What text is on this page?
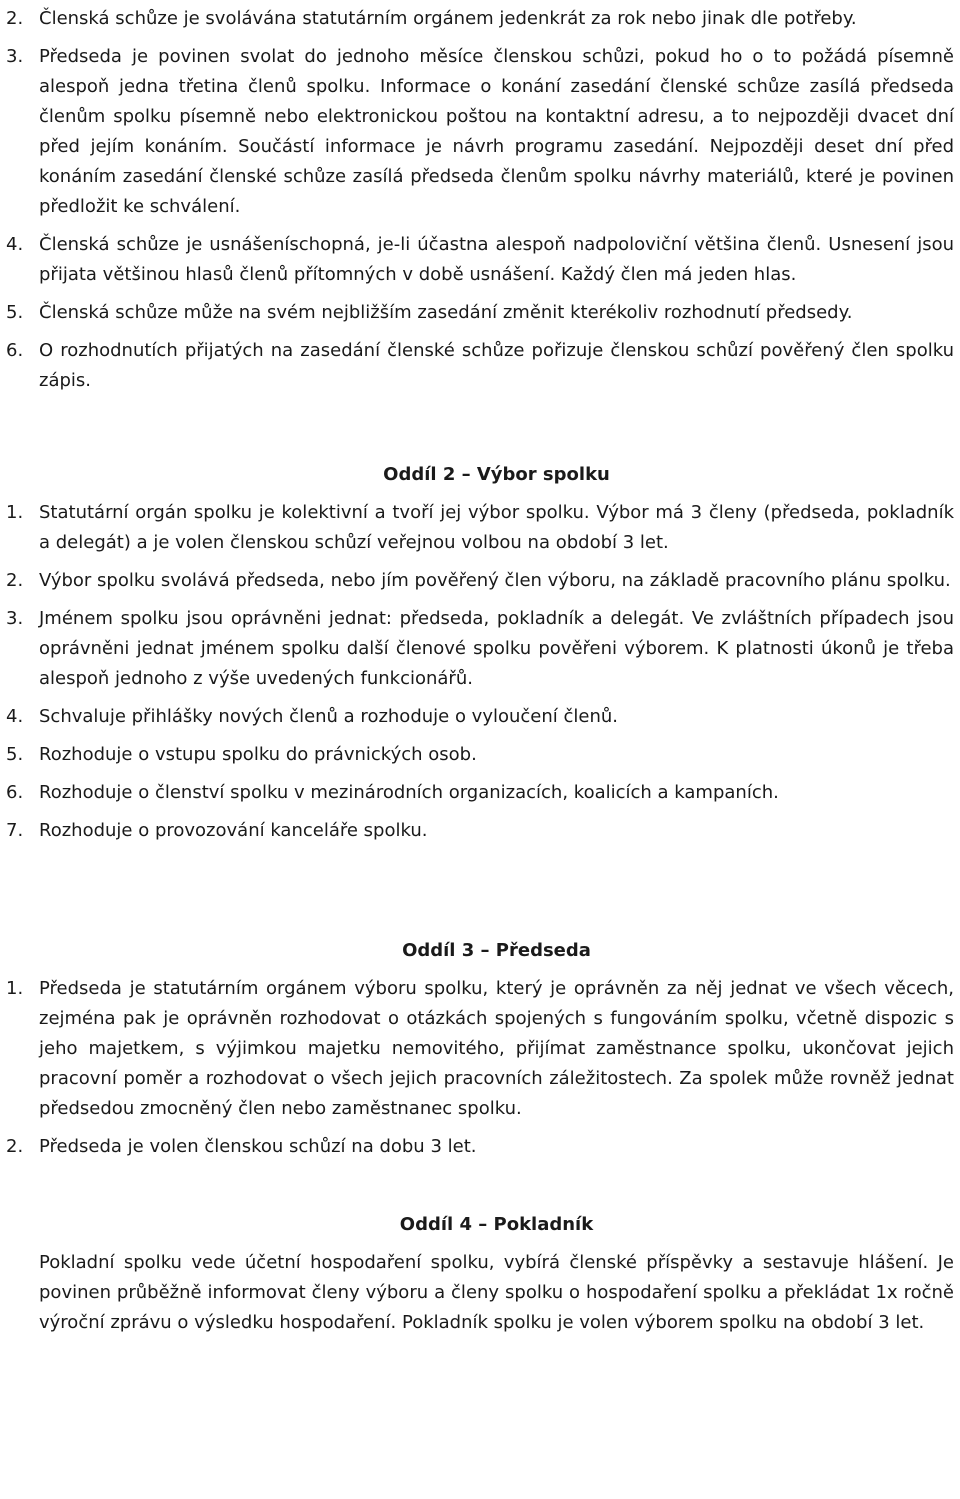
2. Členská schůze je svolávána statutárním orgánem jedenkrát za rok nebo jinak dle potřeby.
3. Předseda je povinen svolat do jednoho měsíce členskou schůzi, pokud ho o to požádá písemně alespoň jedna třetina členů spolku. Informace o konání zasedání členské schůze zasílá předseda členům spolku písemně nebo elektronickou poštou na kontaktní adresu, a to nejpozději dvacet dní před jejím konáním. Součástí informace je návrh programu zasedání. Nejpozději deset dní před konáním zasedání členské schůze zasílá předseda členům spolku návrhy materiálů, které je povinen předložit ke schválení.
4. Členská schůze je usnášeníschopná, je-li účastna alespoň nadpoloviční většina členů. Usnesení jsou přijata většinou hlasů členů přítomných v době usnášení. Každý člen má jeden hlas.
5. Členská schůze může na svém nejbližším zasedání změnit kterékoliv rozhodnutí předsedy.
6. O rozhodnutích přijatých na zasedání členské schůze pořizuje členskou schůzí pověřený člen spolku zápis.
Oddíl 2 – Výbor spolku
1. Statutární orgán spolku je kolektivní a tvoří jej výbor spolku. Výbor má 3 členy (předseda, pokladník a delegát) a je volen členskou schůzí veřejnou volbou na období 3 let.
2. Výbor spolku svolává předseda, nebo jím pověřený člen výboru, na základě pracovního plánu spolku.
3. Jménem spolku jsou oprávněni jednat: předseda, pokladník a delegát. Ve zvláštních případech jsou oprávněni jednat jménem spolku další členové spolku pověřeni výborem. K platnosti úkonů je třeba alespoň jednoho z výše uvedených funkcionářů.
4. Schvaluje přihlášky nových členů a rozhoduje o vyloučení členů.
5. Rozhoduje o vstupu spolku do právnických osob.
6. Rozhoduje o členství spolku v mezinárodních organizacích, koalicích a kampaních.
7. Rozhoduje o provozování kanceláře spolku.
Oddíl 3 – Předseda
1. Předseda je statutárním orgánem výboru spolku, který je oprávněn za něj jednat ve všech věcech, zejména pak je oprávněn rozhodovat o otázkách spojených s fungováním spolku, včetně dispozic s jeho majetkem, s výjimkou majetku nemovitého, přijímat zaměstnance spolku, ukončovat jejich pracovní poměr a rozhodovat o všech jejich pracovních záležitostech. Za spolek může rovněž jednat předsedou zmocněný člen nebo zaměstnanec spolku.
2. Předseda je volen členskou schůzí na dobu 3 let.
Oddíl 4 – Pokladník
Pokladní spolku vede účetní hospodaření spolku, vybírá členské příspěvky a sestavuje hlášení. Je povinen průběžně informovat členy výboru a členy spolku o hospodaření spolku a překládat 1x ročně výroční zprávu o výsledku hospodaření. Pokladník spolku je volen výborem spolku na období 3 let.
